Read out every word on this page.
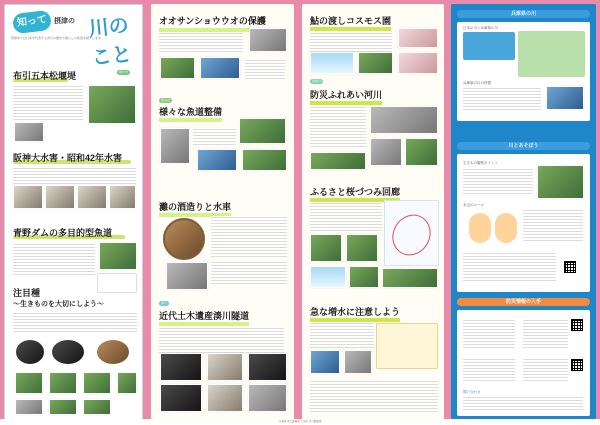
知ってる？
摂津の 川のこと
摂津市では日本を代表する河川の歴史や暮らしの知恵を紹介します。
布引五本松堰堤	神戸市
阪神大水害・昭和42年水害
青野ダムの多目的型魚道
注目種
～生きものを大切にしよう～
オオサンショウウオの保護
加古川
様々な魚道整備
灘の酒造りと水車
湊川
近代土木遺産湊川隧道
鮎の渡しコスモス園
武庫川
防災ふれあい河川
ふるさと桜づつみ回廊
急な増水に注意しよう
兵庫県の川
日本の川と兵庫県の川
兵庫県の川の特徴
川とあそぼう
生きもの観察ポイント
水辺のルール
防災情報の入手
問い合わせ
兵庫県 県土整備部 土木局 河川整備課
